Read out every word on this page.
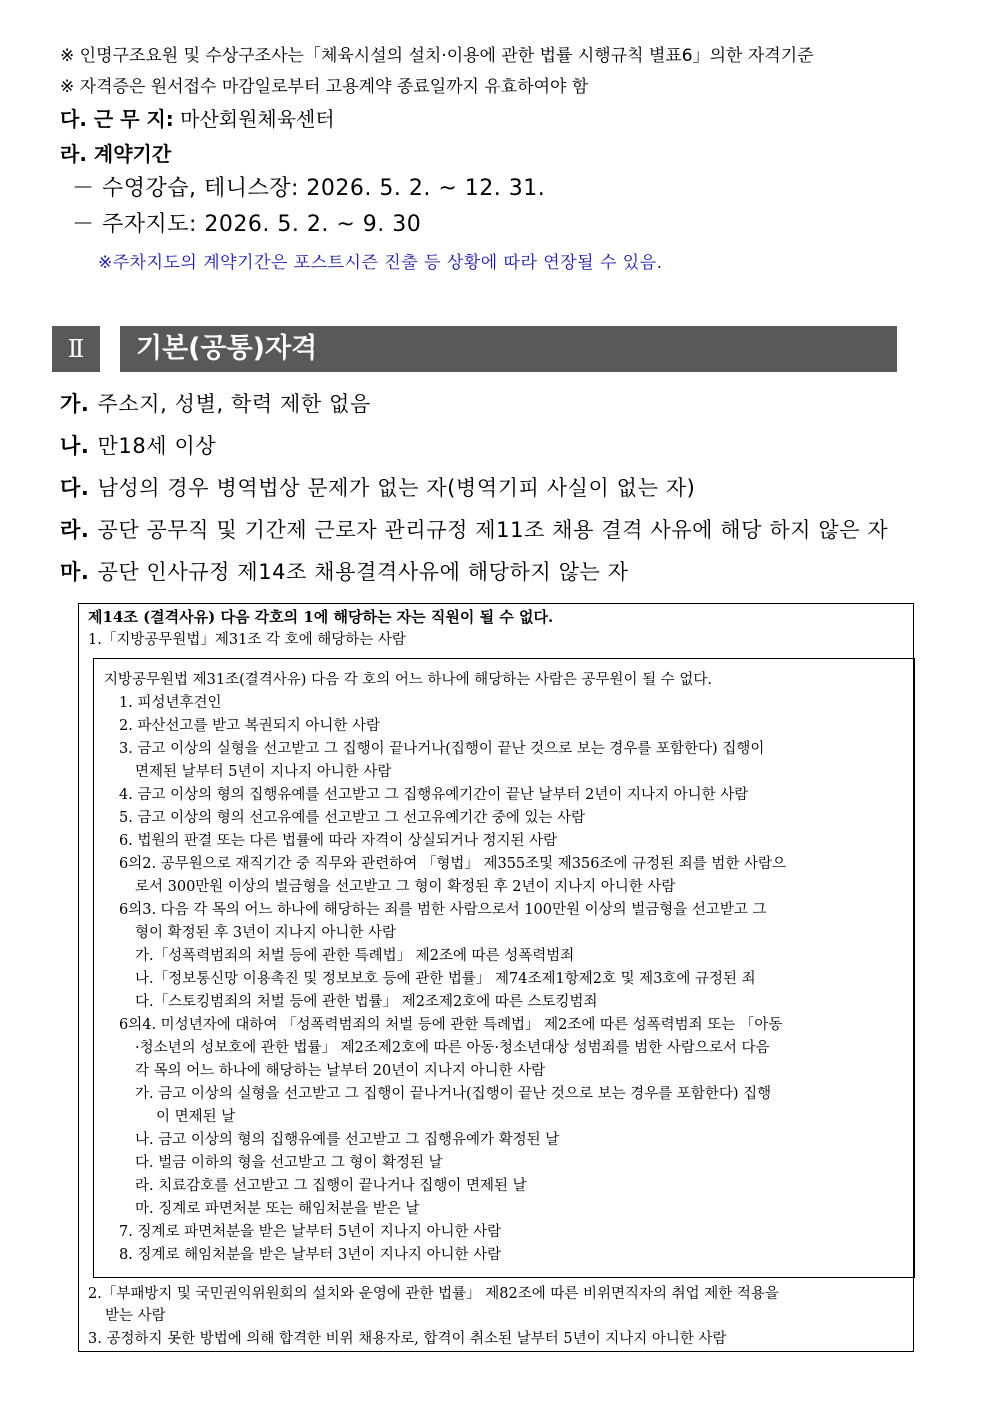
※ 인명구조요원 및 수상구조사는「체육시설의 설치·이용에 관한 법률 시행규칙 별표6」의한 자격기준
※ 자격증은 원서접수 마감일로부터 고용계약 종료일까지 유효하여야 함
다. 근 무 지: 마산회원체육센터
라. 계약기간
－ 수영강습, 테니스장: 2026. 5. 2. ~ 12. 31.
－ 주자지도: 2026. 5. 2. ~ 9. 30
※주차지도의 계약기간은 포스트시즌 진출 등 상황에 따라 연장될 수 있음.
Ⅱ	기본(공통)자격
가. 주소지, 성별, 학력 제한 없음
나. 만18세 이상
다. 남성의 경우 병역법상 문제가 없는 자(병역기피 사실이 없는 자)
라. 공단 공무직 및 기간제 근로자 관리규정 제11조 채용 결격 사유에 해당 하지 않은 자
마. 공단 인사규정 제14조 채용결격사유에 해당하지 않는 자
제14조 (결격사유) 다음 각호의 1에 해당하는 자는 직원이 될 수 없다.
1.「지방공무원법」제31조 각 호에 해당하는 사람
지방공무원법 제31조(결격사유) 다음 각 호의 어느 하나에 해당하는 사람은 공무원이 될 수 없다.
1. 피성년후견인
2. 파산선고를 받고 복권되지 아니한 사람
3. 금고 이상의 실형을 선고받고 그 집행이 끝나거나(집행이 끝난 것으로 보는 경우를 포함한다) 집행이
면제된 날부터 5년이 지나지 아니한 사람
4. 금고 이상의 형의 집행유예를 선고받고 그 집행유예기간이 끝난 날부터 2년이 지나지 아니한 사람
5. 금고 이상의 형의 선고유예를 선고받고 그 선고유예기간 중에 있는 사람
6. 법원의 판결 또는 다른 법률에 따라 자격이 상실되거나 정지된 사람
6의2. 공무원으로 재직기간 중 직무와 관련하여 「형법」 제355조및 제356조에 규정된 죄를 범한 사람으
로서 300만원 이상의 벌금형을 선고받고 그 형이 확정된 후 2년이 지나지 아니한 사람
6의3. 다음 각 목의 어느 하나에 해당하는 죄를 범한 사람으로서 100만원 이상의 벌금형을 선고받고 그
형이 확정된 후 3년이 지나지 아니한 사람
가.「성폭력범죄의 처벌 등에 관한 특례법」 제2조에 따른 성폭력범죄
나.「정보통신망 이용촉진 및 정보보호 등에 관한 법률」 제74조제1항제2호 및 제3호에 규정된 죄
다.「스토킹범죄의 처벌 등에 관한 법률」 제2조제2호에 따른 스토킹범죄
6의4. 미성년자에 대하여 「성폭력범죄의 처벌 등에 관한 특례법」 제2조에 따른 성폭력범죄 또는 「아동
·청소년의 성보호에 관한 법률」 제2조제2호에 따른 아동·청소년대상 성범죄를 범한 사람으로서 다음
각 목의 어느 하나에 해당하는 날부터 20년이 지나지 아니한 사람
가. 금고 이상의 실형을 선고받고 그 집행이 끝나거나(집행이 끝난 것으로 보는 경우를 포함한다) 집행
이 면제된 날
나. 금고 이상의 형의 집행유예를 선고받고 그 집행유예가 확정된 날
다. 벌금 이하의 형을 선고받고 그 형이 확정된 날
라. 치료감호를 선고받고 그 집행이 끝나거나 집행이 면제된 날
마. 징계로 파면처분 또는 해임처분을 받은 날
7. 징계로 파면처분을 받은 날부터 5년이 지나지 아니한 사람
8. 징계로 해임처분을 받은 날부터 3년이 지나지 아니한 사람
2.「부패방지 및 국민권익위원회의 설치와 운영에 관한 법률」 제82조에 따른 비위면직자의 취업 제한 적용을
받는 사람
3. 공정하지 못한 방법에 의해 합격한 비위 채용자로, 합격이 취소된 날부터 5년이 지나지 아니한 사람
